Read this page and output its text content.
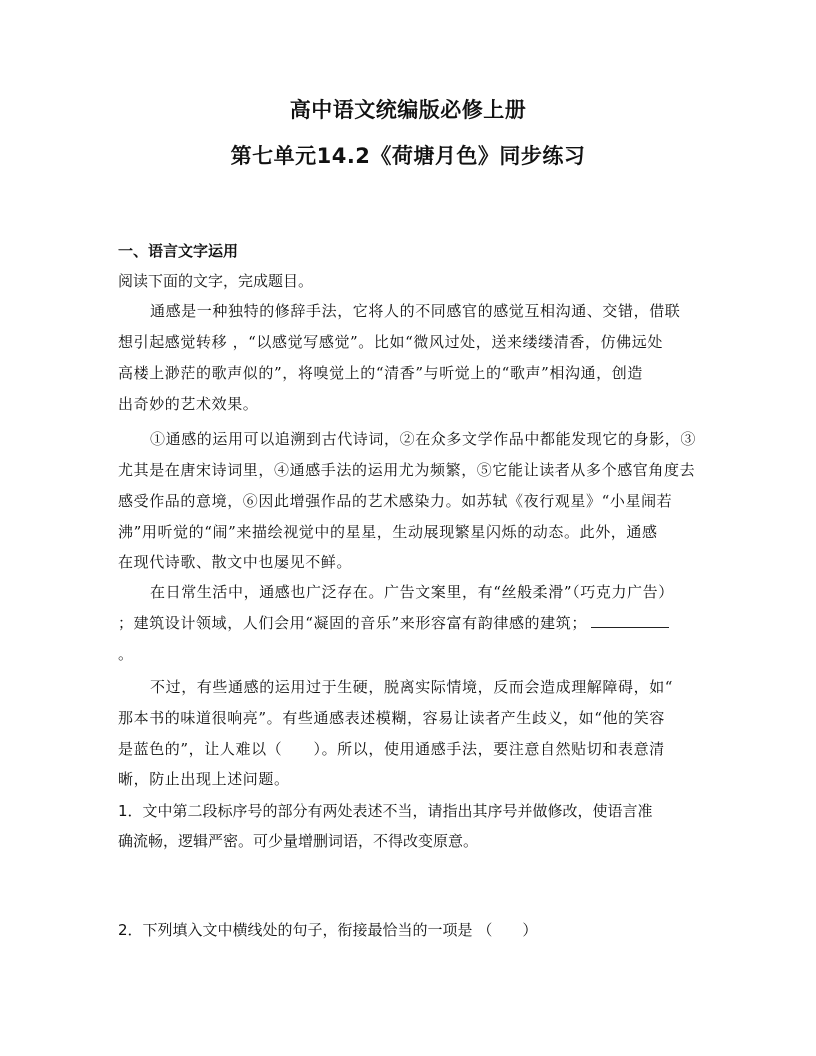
高中语文统编版必修上册
第七单元14.2《荷塘月色》同步练习
一、语言文字运用
阅读下面的文字，完成题目。
通感是一种独特的修辞手法，它将人的不同感官的感觉互相沟通、交错，借联
想引起感觉转移 ，“以感觉写感觉”。比如“微风过处，送来缕缕清香，仿佛远处
高楼上渺茫的歌声似的”，将嗅觉上的“清香”与听觉上的“歌声”相沟通，创造
出奇妙的艺术效果。
①通感的运用可以追溯到古代诗词，②在众多文学作品中都能发现它的身影，③
尤其是在唐宋诗词里，④通感手法的运用尤为频繁，⑤它能让读者从多个感官角度去
感受作品的意境，⑥因此增强作品的艺术感染力。如苏轼《夜行观星》“小星闹若
沸”用听觉的“闹”来描绘视觉中的星星，生动展现繁星闪烁的动态。此外，通感
在现代诗歌、散文中也屡见不鲜。
在日常生活中，通感也广泛存在。广告文案里，有“丝般柔滑”（巧克力广告）
；建筑设计领域，人们会用“凝固的音乐”来形容富有韵律感的建筑；
。
不过，有些通感的运用过于生硬，脱离实际情境，反而会造成理解障碍，如“
那本书的味道很响亮”。有些通感表述模糊，容易让读者产生歧义，如“他的笑容
是蓝色的”，让人难以（　　）。所以，使用通感手法，要注意自然贴切和表意清
晰，防止出现上述问题。
1．文中第二段标序号的部分有两处表述不当，请指出其序号并做修改，使语言准
确流畅，逻辑严密。可少量增删词语，不得改变原意。
2．下列填入文中横线处的句子，衔接最恰当的一项是 （　　）
